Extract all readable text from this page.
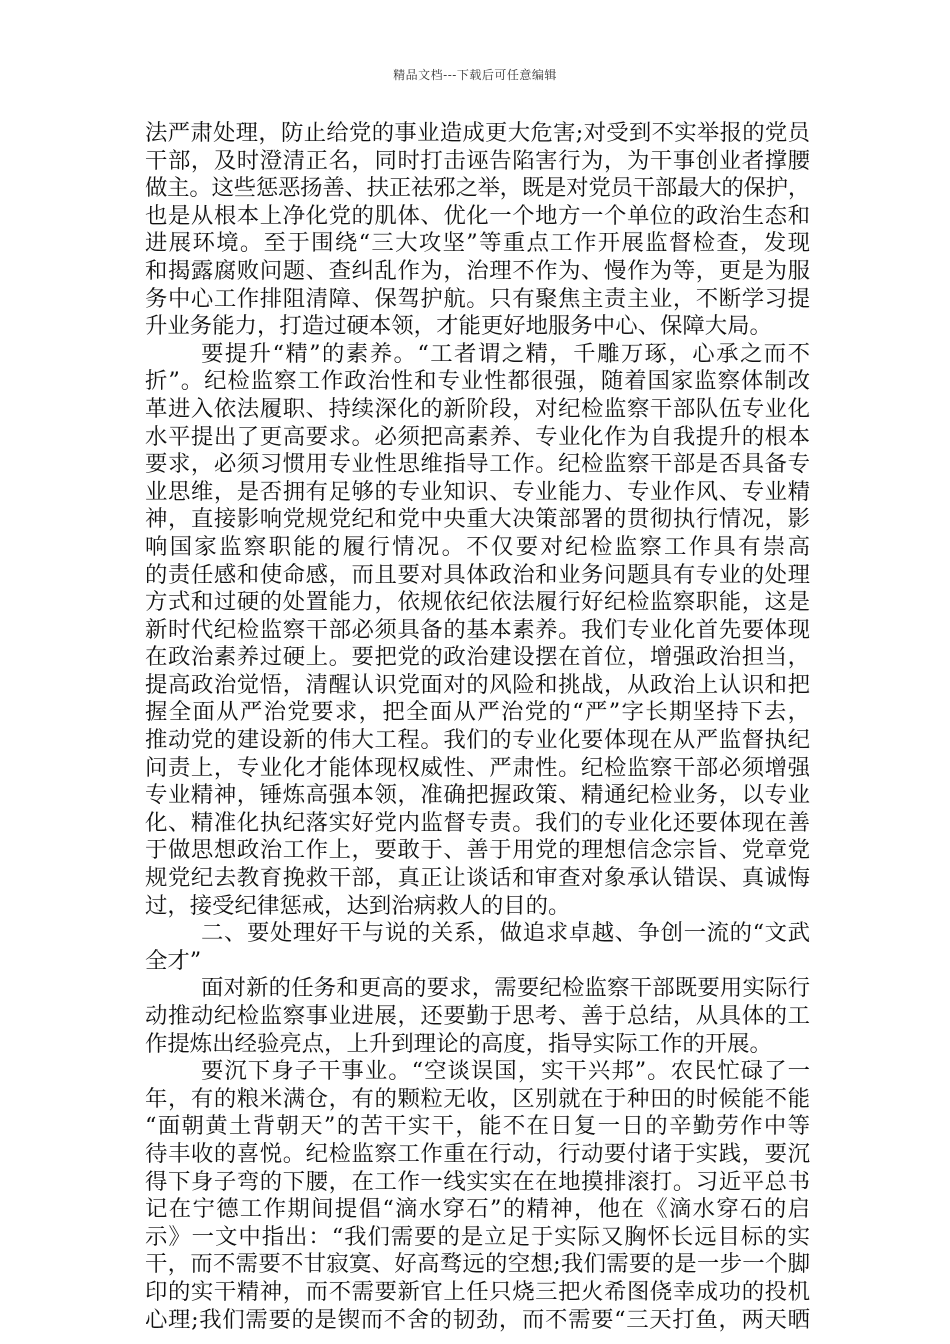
精品文档---下载后可任意编辑
法严肃处理，防止给党的事业造成更大危害;对受到不实举报的党员
干部，及时澄清正名，同时打击诬告陷害行为，为干事创业者撑腰
做主。这些惩恶扬善、扶正祛邪之举，既是对党员干部最大的保护，
也是从根本上净化党的肌体、优化一个地方一个单位的政治生态和
进展环境。至于围绕“三大攻坚”等重点工作开展监督检查，发现
和揭露腐败问题、查纠乱作为，治理不作为、慢作为等，更是为服
务中心工作排阻清障、保驾护航。只有聚焦主责主业，不断学习提
升业务能力，打造过硬本领，才能更好地服务中心、保障大局。
要提升“精”的素养。“工者谓之精，千雕万琢，心承之而不
折”。纪检监察工作政治性和专业性都很强，随着国家监察体制改
革进入依法履职、持续深化的新阶段，对纪检监察干部队伍专业化
水平提出了更高要求。必须把高素养、专业化作为自我提升的根本
要求，必须习惯用专业性思维指导工作。纪检监察干部是否具备专
业思维，是否拥有足够的专业知识、专业能力、专业作风、专业精
神，直接影响党规党纪和党中央重大决策部署的贯彻执行情况，影
响国家监察职能的履行情况。不仅要对纪检监察工作具有崇高
的责任感和使命感，而且要对具体政治和业务问题具有专业的处理
方式和过硬的处置能力，依规依纪依法履行好纪检监察职能，这是
新时代纪检监察干部必须具备的基本素养。我们专业化首先要体现
在政治素养过硬上。要把党的政治建设摆在首位，增强政治担当，
提高政治觉悟，清醒认识党面对的风险和挑战，从政治上认识和把
握全面从严治党要求，把全面从严治党的“严”字长期坚持下去，
推动党的建设新的伟大工程。我们的专业化要体现在从严监督执纪
问责上，专业化才能体现权威性、严肃性。纪检监察干部必须增强
专业精神，锤炼高强本领，准确把握政策、精通纪检业务，以专业
化、精准化执纪落实好党内监督专责。我们的专业化还要体现在善
于做思想政治工作上，要敢于、善于用党的理想信念宗旨、党章党
规党纪去教育挽救干部，真正让谈话和审查对象承认错误、真诚悔
过，接受纪律惩戒，达到治病救人的目的。
二、要处理好干与说的关系，做追求卓越、争创一流的“文武
全才”
面对新的任务和更高的要求，需要纪检监察干部既要用实际行
动推动纪检监察事业进展，还要勤于思考、善于总结，从具体的工
作提炼出经验亮点，上升到理论的高度，指导实际工作的开展。
要沉下身子干事业。“空谈误国，实干兴邦”。农民忙碌了一
年，有的粮米满仓，有的颗粒无收，区别就在于种田的时候能不能
“面朝黄土背朝天”的苦干实干，能不在日复一日的辛勤劳作中等
待丰收的喜悦。纪检监察工作重在行动，行动要付诸于实践，要沉
得下身子弯的下腰，在工作一线实实在在地摸排滚打。习近平总书
记在宁德工作期间提倡“滴水穿石”的精神，他在《滴水穿石的启
示》一文中指出：“我们需要的是立足于实际又胸怀长远目标的实
干，而不需要不甘寂寞、好高骛远的空想;我们需要的是一步一个脚
印的实干精神，而不需要新官上任只烧三把火希图侥幸成功的投机
心理;我们需要的是锲而不舍的韧劲，而不需要“三天打鱼，两天晒
